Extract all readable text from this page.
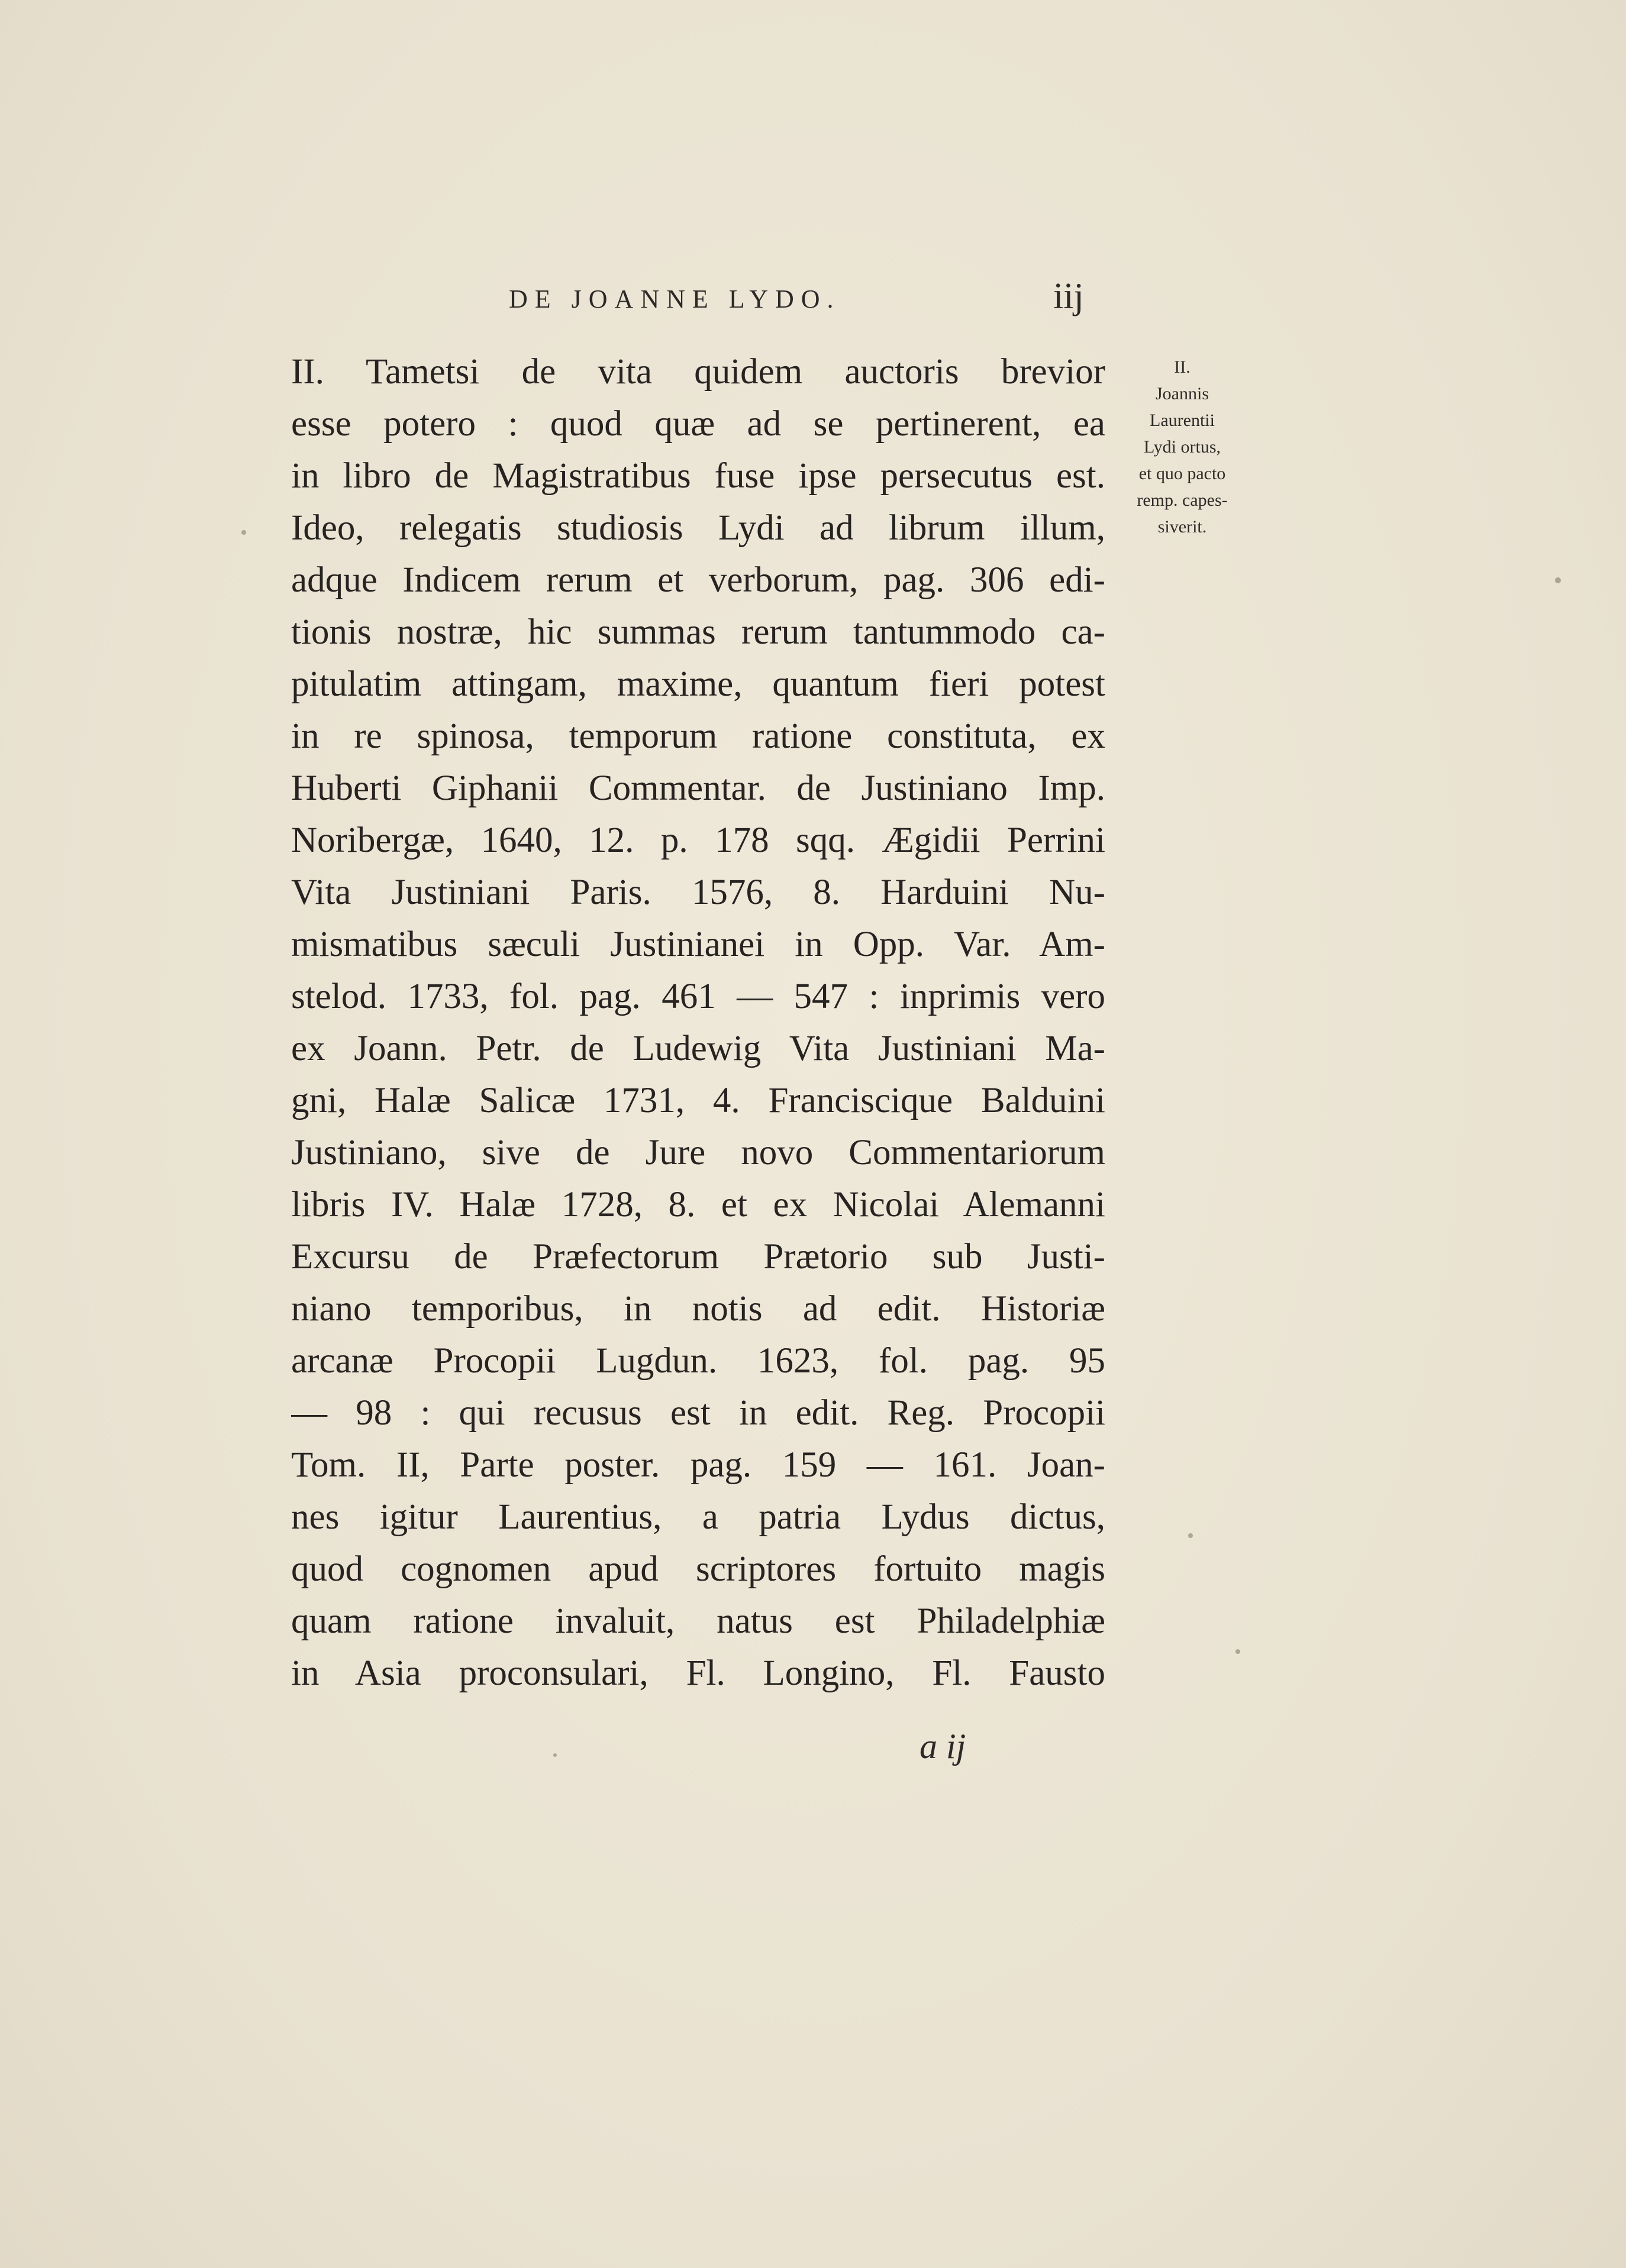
DE JOANNE LYDO.	iij
II. Tametsi de vita quidem auctoris brevior
esse potero : quod quæ ad se pertinerent, ea
in libro de Magistratibus fuse ipse persecutus est.
Ideo, relegatis studiosis Lydi ad librum illum,
adque Indicem rerum et verborum, pag. 306 edi-
tionis nostræ, hic summas rerum tantummodo ca-
pitulatim attingam, maxime, quantum fieri potest
in re spinosa, temporum ratione constituta, ex
Huberti Giphanii Commentar. de Justiniano Imp.
Noribergæ, 1640, 12. p. 178 sqq. Ægidii Perrini
Vita Justiniani Paris. 1576, 8. Harduini Nu-
mismatibus sæculi Justinianei in Opp. Var. Am-
stelod. 1733, fol. pag. 461 — 547 : inprimis vero
ex Joann. Petr. de Ludewig Vita Justiniani Ma-
gni, Halæ Salicæ 1731, 4. Franciscique Balduini
Justiniano, sive de Jure novo Commentariorum
libris IV. Halæ 1728, 8. et ex Nicolai Alemanni
Excursu de Præfectorum Prætorio sub Justi-
niano temporibus, in notis ad edit. Historiæ
arcanæ Procopii Lugdun. 1623, fol. pag. 95
— 98 : qui recusus est in edit. Reg. Procopii
Tom. II, Parte poster. pag. 159 — 161. Joan-
nes igitur Laurentius, a patria Lydus dictus,
quod cognomen apud scriptores fortuito magis
quam ratione invaluit, natus est Philadelphiæ
in Asia proconsulari, Fl. Longino, Fl. Fausto
II.
Joannis
Laurentii
Lydi ortus,
et quo pacto
remp. capes-
siverit.
a ij
